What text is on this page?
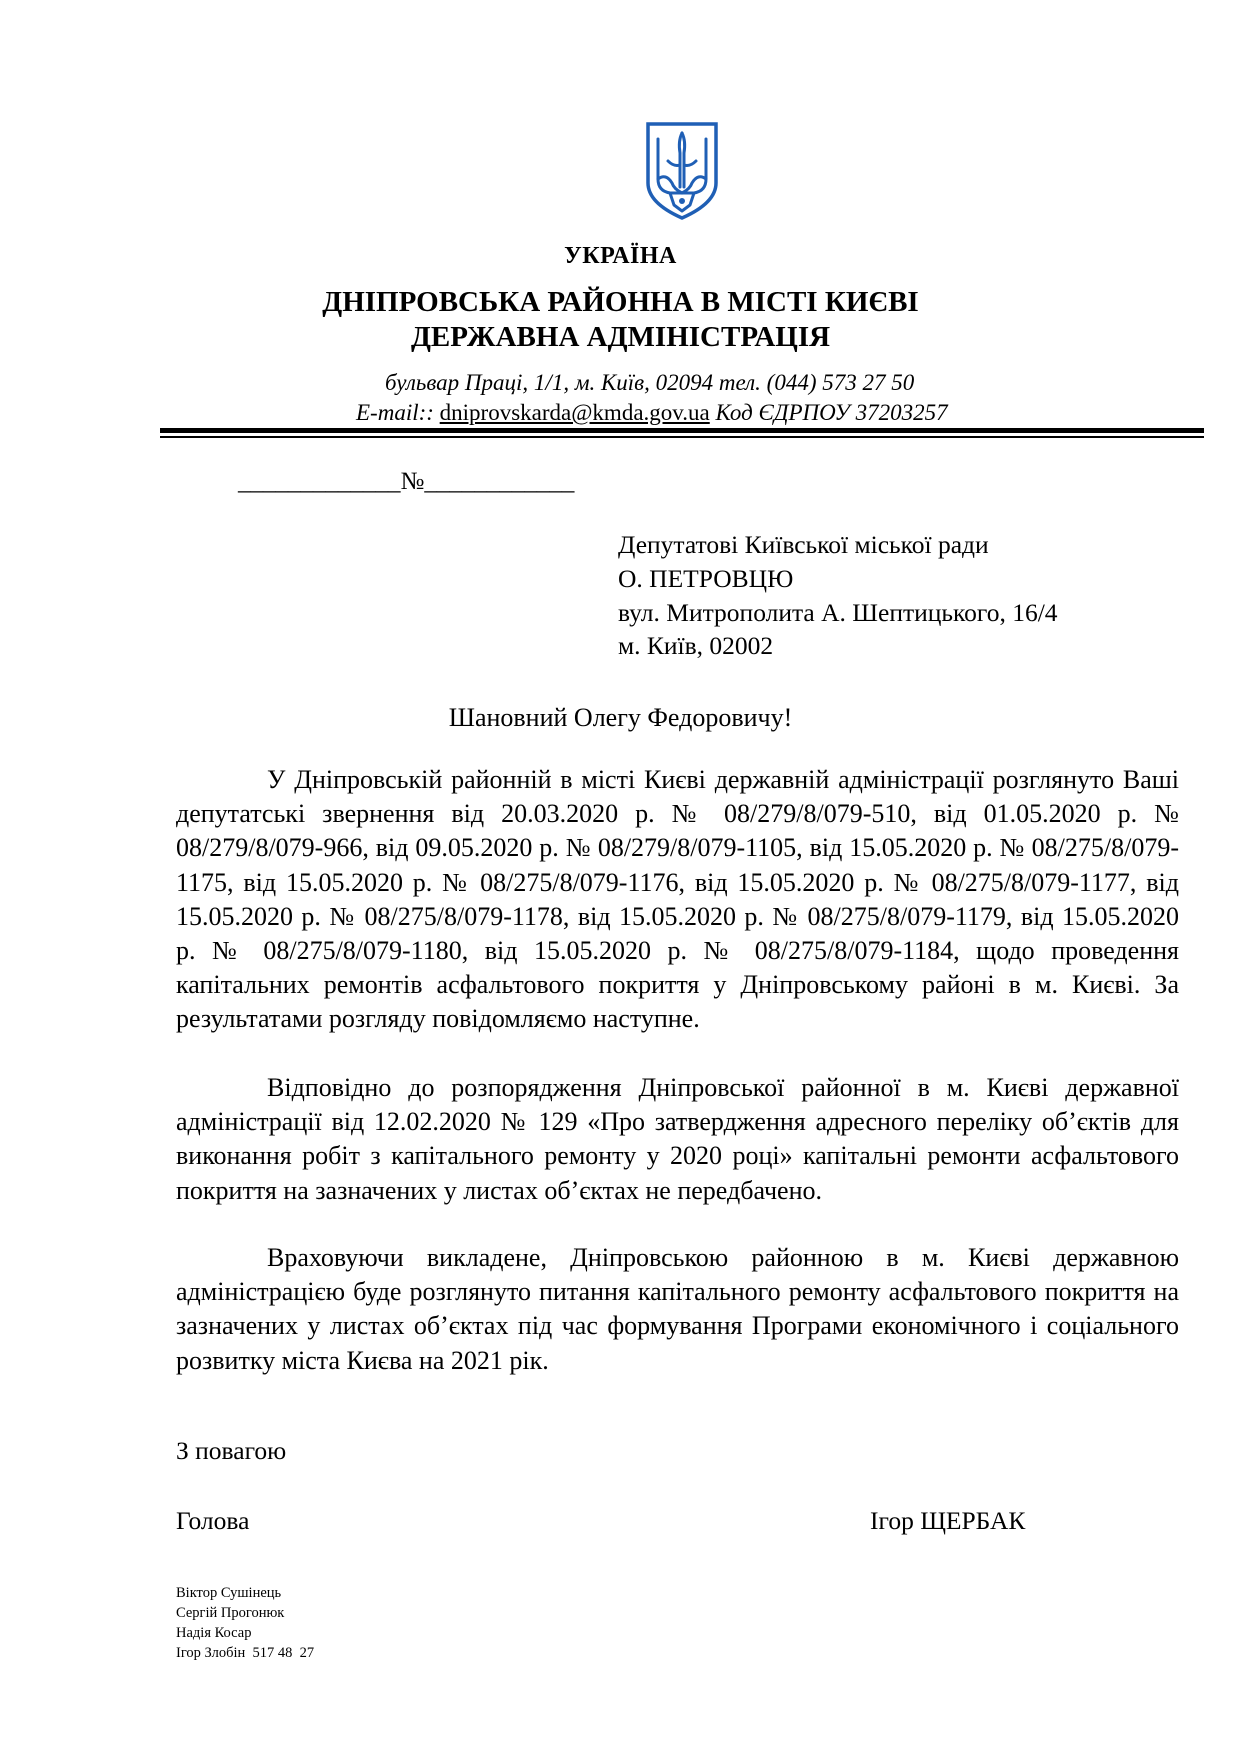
УКРАЇНА
ДНІПРОВСЬКА РАЙОННА В МІСТІ КИЄВІ
ДЕРЖАВНА АДМІНІСТРАЦІЯ
бульвар Праці, 1/1, м. Київ, 02094 тел. (044) 573 27 50
E-mail:: dniprovskarda@kmda.gov.ua Код ЄДРПОУ 37203257
_____________№____________
Депутатові Київської міської ради
О. ПЕТРОВЦЮ
вул. Митрополита А. Шептицького, 16/4
м. Київ, 02002
Шановний Олегу Федоровичу!

У Дніпровській районній в місті Києві державній адміністрації розглянуто Ваші депутатські звернення від 20.03.2020 р. № 08/279/8/079-510, від 01.05.2020 р. № 08/279/8/079-966, від 09.05.2020 р. № 08/279/8/079-1105, від 15.05.2020 р. № 08/275/8/079-1175, від 15.05.2020 р. № 08/275/8/079-1176, від 15.05.2020 р. № 08/275/8/079-1177, від 15.05.2020 р. № 08/275/8/079-1178, від 15.05.2020 р. № 08/275/8/079-1179, від 15.05.2020 р. № 08/275/8/079-1180, від 15.05.2020 р. № 08/275/8/079-1184, щодо проведення капітальних ремонтів асфальтового покриття у Дніпровському районі в м. Києві. За результатами розгляду повідомляємо наступне.

Відповідно до розпорядження Дніпровської районної в м. Києві державної адміністрації від 12.02.2020 № 129 «Про затвердження адресного переліку об’єктів для виконання робіт з капітального ремонту у 2020 році» капітальні ремонти асфальтового покриття на зазначених у листах об’єктах не передбачено.

Враховуючи викладене, Дніпровською районною в м. Києві державною адміністрацією буде розглянуто питання капітального ремонту асфальтового покриття на зазначених у листах об’єктах під час формування Програми економічного і соціального розвитку міста Києва на 2021 рік.

З повагою
Голова	Ігор ЩЕРБАК
Віктор Сушінець
Сергій Прогонюк
Надія Косар
Ігор Злобін  517 48  27
